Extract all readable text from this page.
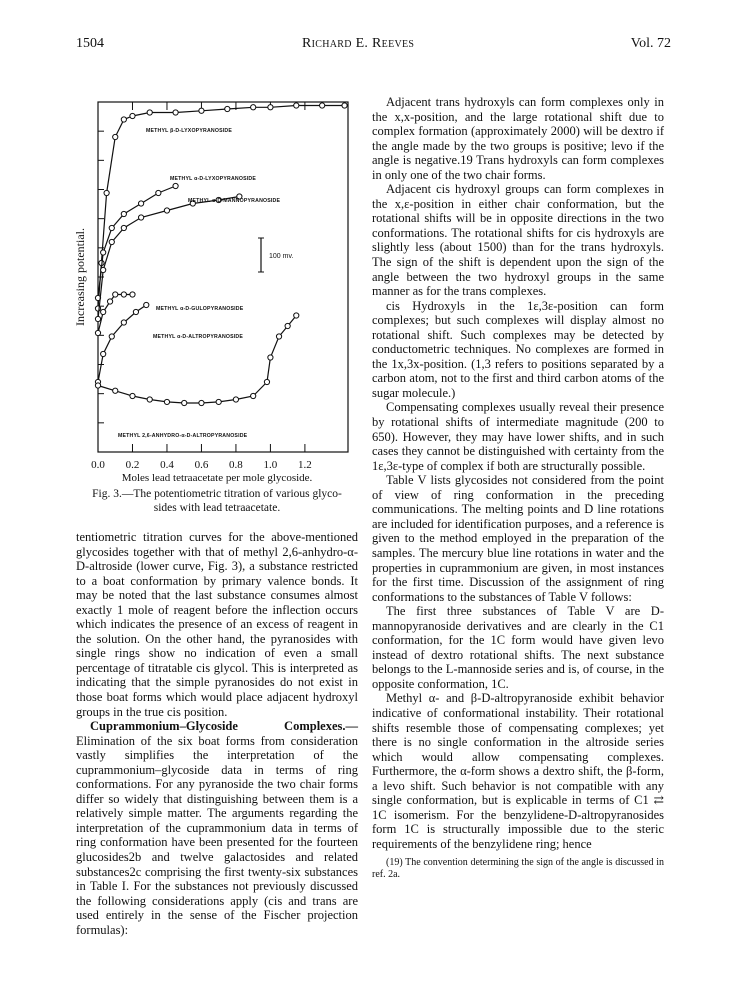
1504	Richard E. Reeves	Vol. 72
0.0 0.2 0.4 0.6 0.8 1.0 1.2
Moles lead tetraacetate per mole glycoside.
Increasing potential.	100 mv.
METHYL β-D-LYXOPYRANOSIDE
METHYL α-D-LYXOPYRANOSIDE
METHYL α-D-MANNOPYRANOSIDE
METHYL α-D-GULOPYRANOSIDE
METHYL α-D-ALTROPYRANOSIDE
METHYL 2,6-ANHYDRO-α-D-ALTROPYRANOSIDE
Fig. 3.—The potentiometric titration of various glyco-
sides with lead tetraacetate.

tentiometric titration curves for the above-mentioned glycosides together with that of methyl 2,6-anhydro-α-D-altroside (lower curve, Fig. 3), a substance restricted to a boat conformation by primary valence bonds. It may be noted that the last substance consumes almost exactly 1 mole of reagent before the inflection occurs which indicates the presence of an excess of reagent in the solution. On the other hand, the pyranosides with single rings show no indication of even a small percentage of titratable cis glycol. This is interpreted as indicating that the simple pyranosides do not exist in those boat forms which would place adjacent hydroxyl groups in the true cis position.

Cuprammonium–Glycoside Complexes.— Elimination of the six boat forms from consideration vastly simplifies the interpretation of the cuprammonium–glycoside data in terms of ring conformations. For any pyranoside the two chair forms differ so widely that distinguishing between them is a relatively simple matter. The arguments regarding the interpretation of the cuprammonium data in terms of ring conformation have been presented for the fourteen glucosides2b and twelve galactosides and related substances2c comprising the first twenty-six substances in Table I. For the substances not previously discussed the following considerations apply (cis and trans are used entirely in the sense of the Fischer projection formulas):

Adjacent trans hydroxyls can form complexes only in the x,x-position, and the large rotational shift due to complex formation (approximately 2000) will be dextro if the angle made by the two groups is positive; levo if the angle is negative.19 Trans hydroxyls can form complexes in only one of the two chair forms.

Adjacent cis hydroxyl groups can form complexes in the x,ε-position in either chair conformation, but the rotational shifts will be in opposite directions in the two conformations. The rotational shifts for cis hydroxyls are slightly less (about 1500) than for the trans hydroxyls. The sign of the shift is dependent upon the sign of the angle between the two hydroxyl groups in the same manner as for the trans complexes.

cis Hydroxyls in the 1ε,3ε-position can form complexes; but such complexes will display almost no rotational shift. Such complexes may be detected by conductometric techniques. No complexes are formed in the 1x,3x-position. (1,3 refers to positions separated by a carbon atom, not to the first and third carbon atoms of the sugar molecule.)

Compensating complexes usually reveal their presence by rotational shifts of intermediate magnitude (200 to 650). However, they may have lower shifts, and in such cases they cannot be distinguished with certainty from the 1ε,3ε-type of complex if both are structurally possible.

Table V lists glycosides not considered from the point of view of ring conformation in the preceding communications. The melting points and D line rotations are included for identification purposes, and a reference is given to the method employed in the preparation of the samples. The mercury blue line rotations in water and the properties in cuprammonium are given, in most instances for the first time. Discussion of the assignment of ring conformations to the substances of Table V follows:

The first three substances of Table V are D-mannopyranoside derivatives and are clearly in the C1 conformation, for the 1C form would have given levo instead of dextro rotational shifts. The next substance belongs to the L-mannoside series and is, of course, in the opposite conformation, 1C.

Methyl α- and β-D-altropyranoside exhibit behavior indicative of conformational instability. Their rotational shifts resemble those of compensating complexes; yet there is no single conformation in the altroside series which would allow compensating complexes. Furthermore, the α-form shows a dextro shift, the β-form, a levo shift. Such behavior is not compatible with any single conformation, but is explicable in terms of C1 ⇄ 1C isomerism. For the benzylidene-D-altropyranosides form 1C is structurally impossible due to the steric requirements of the benzylidene ring; hence

(19) The convention determining the sign of the angle is discussed in ref. 2a.
